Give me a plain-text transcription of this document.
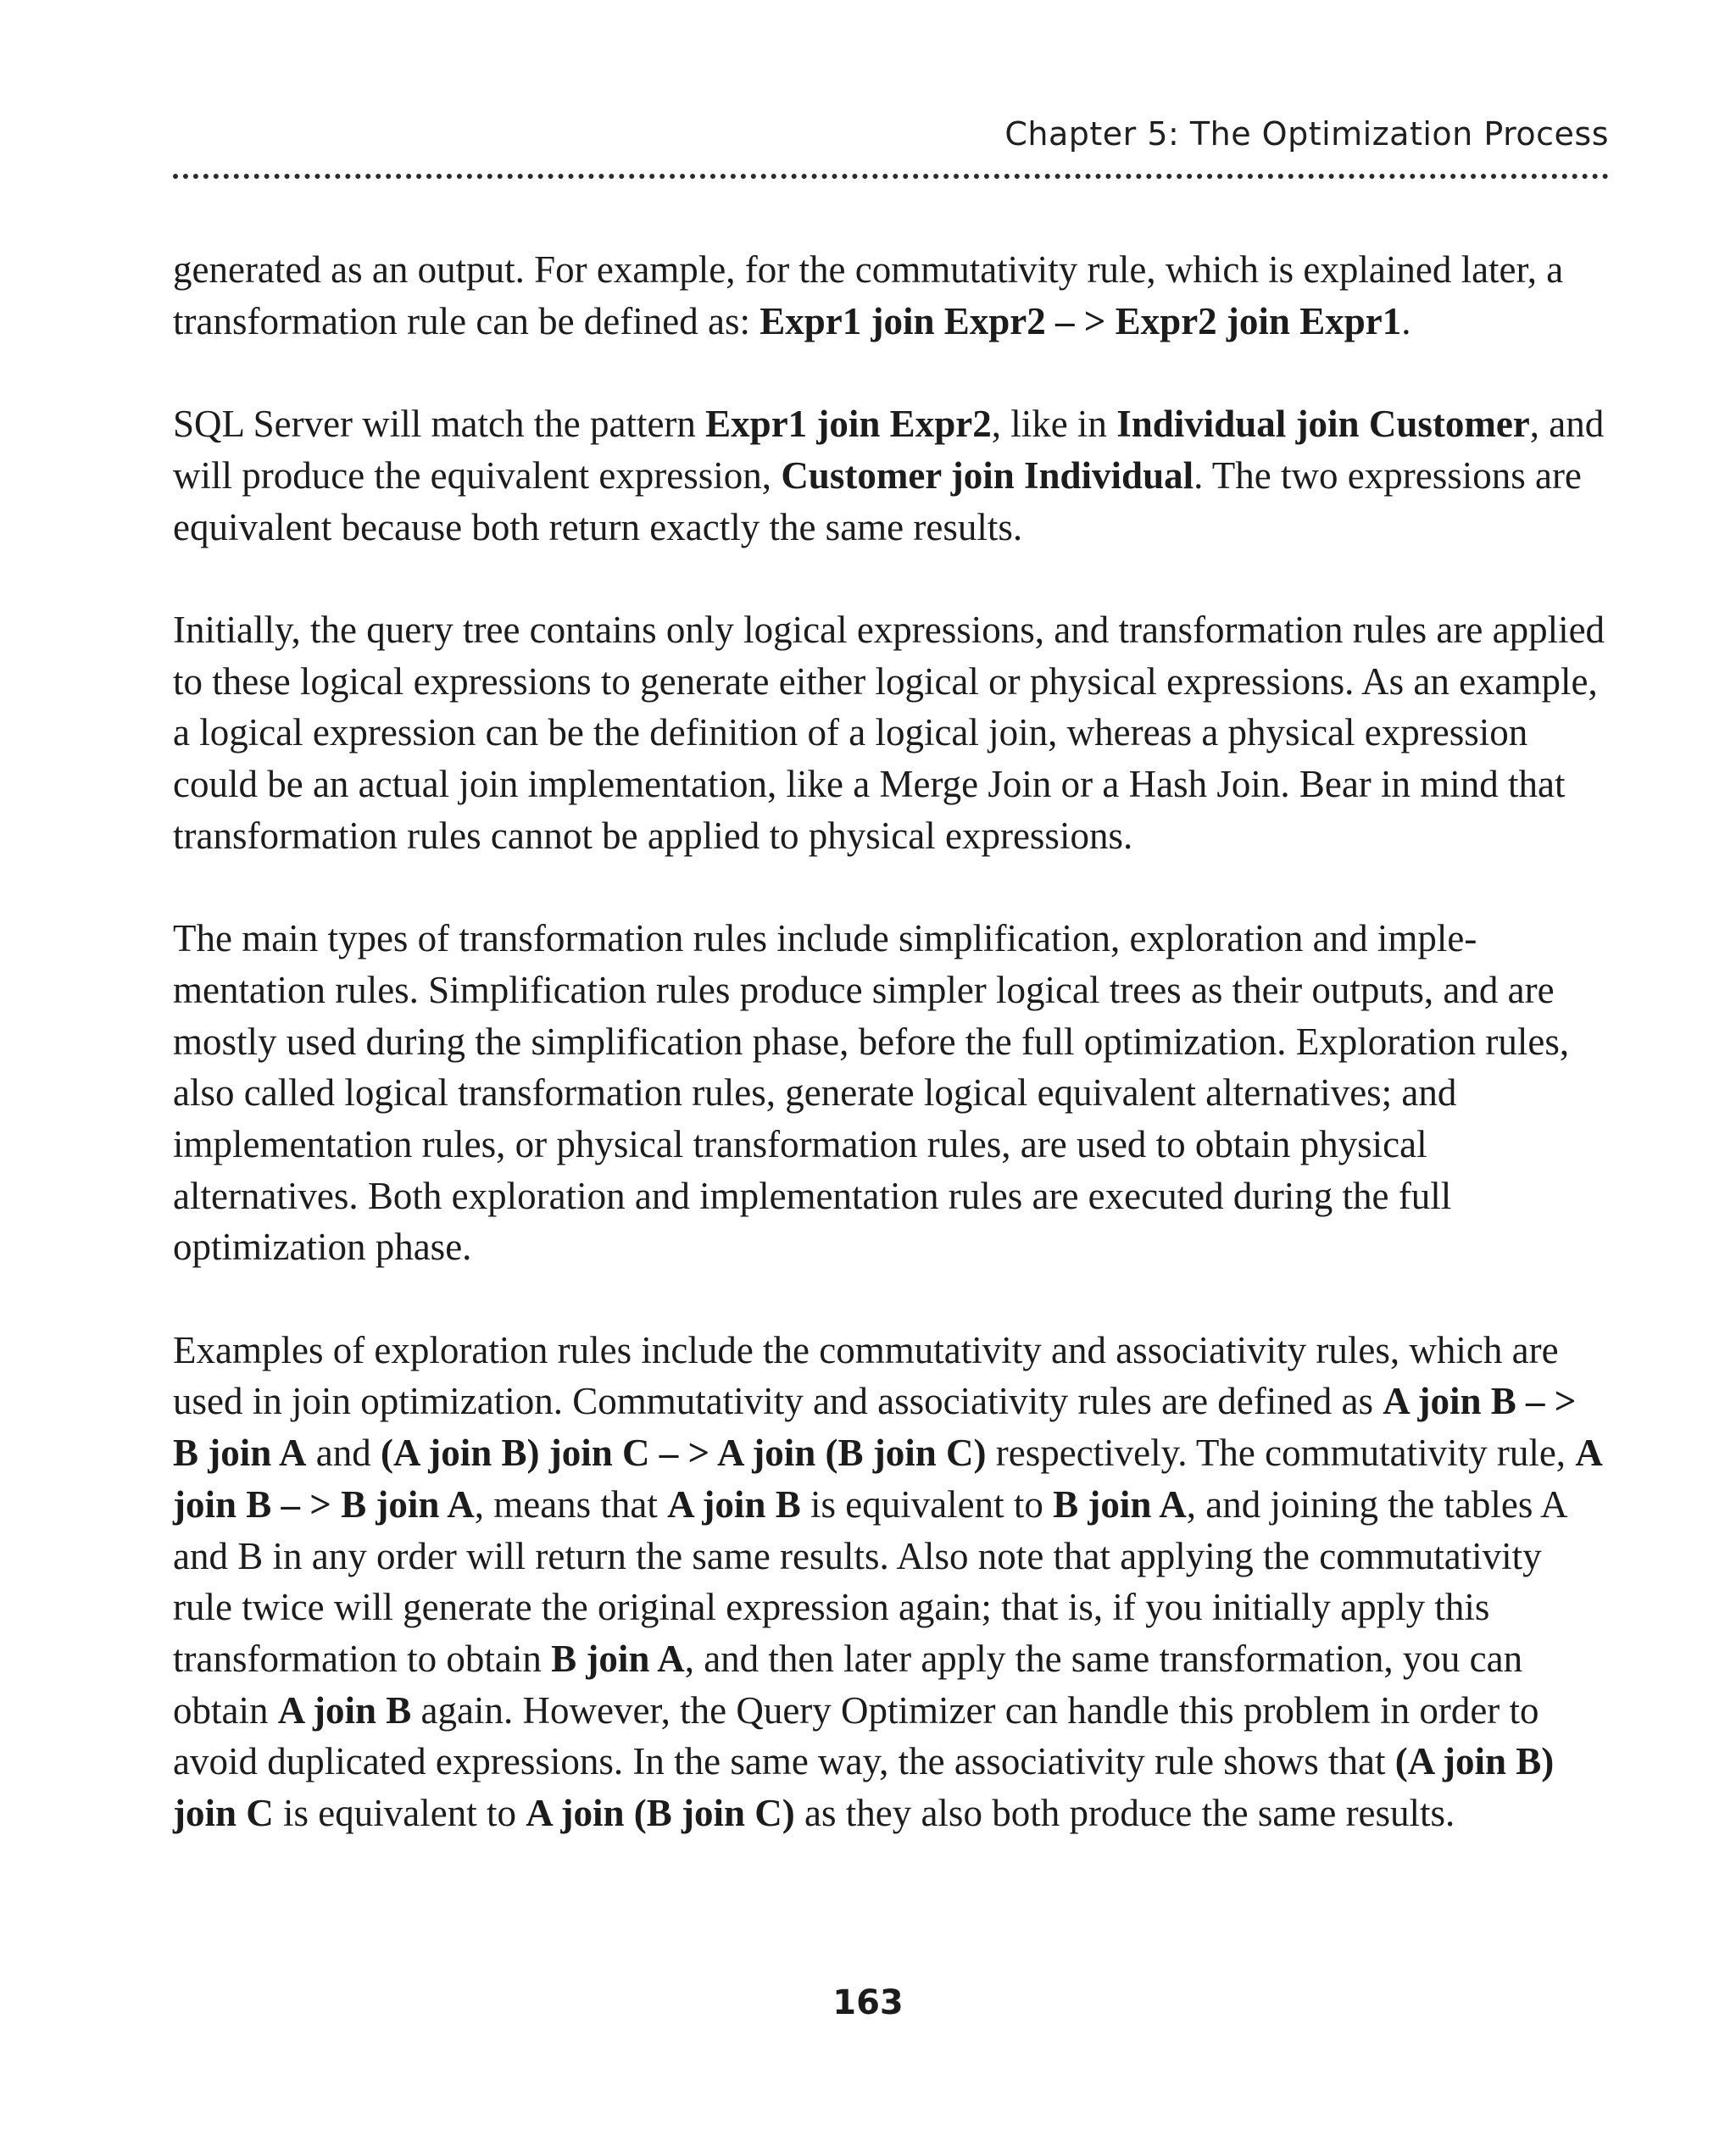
Chapter 5: The Optimization Process

generated as an output. For example, for the commutativity rule, which is explained later, a transformation rule can be defined as: Expr1 join Expr2 – > Expr2 join Expr1.

SQL Server will match the pattern Expr1 join Expr2, like in Individual join Customer, and will produce the equivalent expression, Customer join Individual. The two expressions are equivalent because both return exactly the same results.

Initially, the query tree contains only logical expressions, and transformation rules are applied to these logical expressions to generate either logical or physical expressions. As an example, a logical expression can be the definition of a logical join, whereas a physical expression could be an actual join implementation, like a Merge Join or a Hash Join. Bear in mind that transformation rules cannot be applied to physical expressions.

The main types of transformation rules include simplification, exploration and imple-mentation rules. Simplification rules produce simpler logical trees as their outputs, and are mostly used during the simplification phase, before the full optimization. Exploration rules, also called logical transformation rules, generate logical equivalent alternatives; and implementation rules, or physical transformation rules, are used to obtain physical alternatives. Both exploration and implementation rules are executed during the full optimization phase.

Examples of exploration rules include the commutativity and associativity rules, which are used in join optimization. Commutativity and associativity rules are defined as A join B – > B join A and (A join B) join C – > A join (B join C) respectively. The commutativity rule, A join B – > B join A, means that A join B is equivalent to B join A, and joining the tables A and B in any order will return the same results. Also note that applying the commutativity rule twice will generate the original expression again; that is, if you initially apply this transformation to obtain B join A, and then later apply the same transformation, you can obtain A join B again. However, the Query Optimizer can handle this problem in order to avoid duplicated expressions. In the same way, the associativity rule shows that (A join B) join C is equivalent to A join (B join C) as they also both produce the same results.

163
